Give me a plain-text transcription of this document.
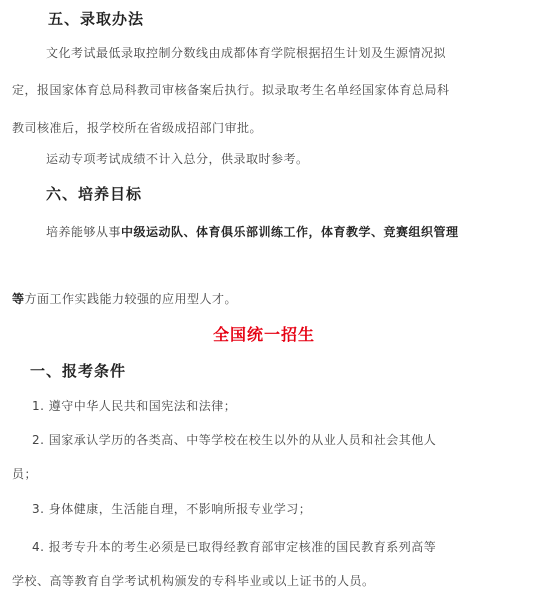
五、录取办法
文化考试最低录取控制分数线由成都体育学院根据招生计划及生源情况拟
定，报国家体育总局科教司审核备案后执行。拟录取考生名单经国家体育总局科
教司核准后，报学校所在省级成招部门审批。
运动专项考试成绩不计入总分，供录取时参考。
六、培养目标
培养能够从事中级运动队、体育俱乐部训练工作，体育教学、竞赛组织管理
等方面工作实践能力较强的应用型人才。
全国统一招生
一、报考条件
1. 遵守中华人民共和国宪法和法律；
2. 国家承认学历的各类高、中等学校在校生以外的从业人员和社会其他人
员；
3. 身体健康，生活能自理，不影响所报专业学习；
4. 报考专升本的考生必须是已取得经教育部审定核准的国民教育系列高等
学校、高等教育自学考试机构颁发的专科毕业或以上证书的人员。
